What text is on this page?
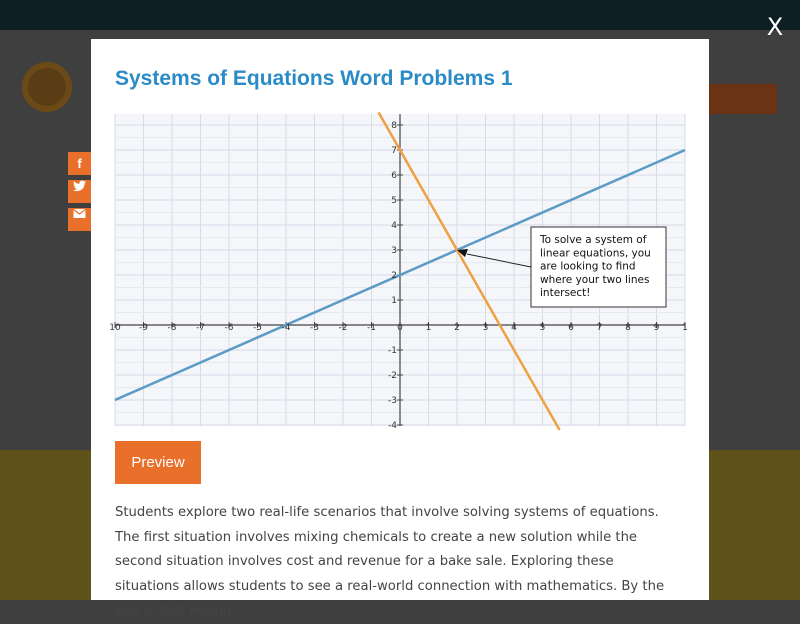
X
f
Systems of Equations Word Problems 1
10 -9 -8 -7 -6 -5 -4 -3 -2 -1 0	1	2	3	4	5	6	7	8	9	1
8
7
6
5
4
3
2
1
-1
-2
-3
-4
To solve a system of
linear equations, you
are looking to find
where your two lines
intersect!
Preview

Students explore two real-life scenarios that involve solving systems of equations. The first situation involves mixing chemicals to create a new solution while the second situation involves cost and revenue for a bake sale. Exploring these situations allows students to see a real-world connection with mathematics. By the end of this lesson,
